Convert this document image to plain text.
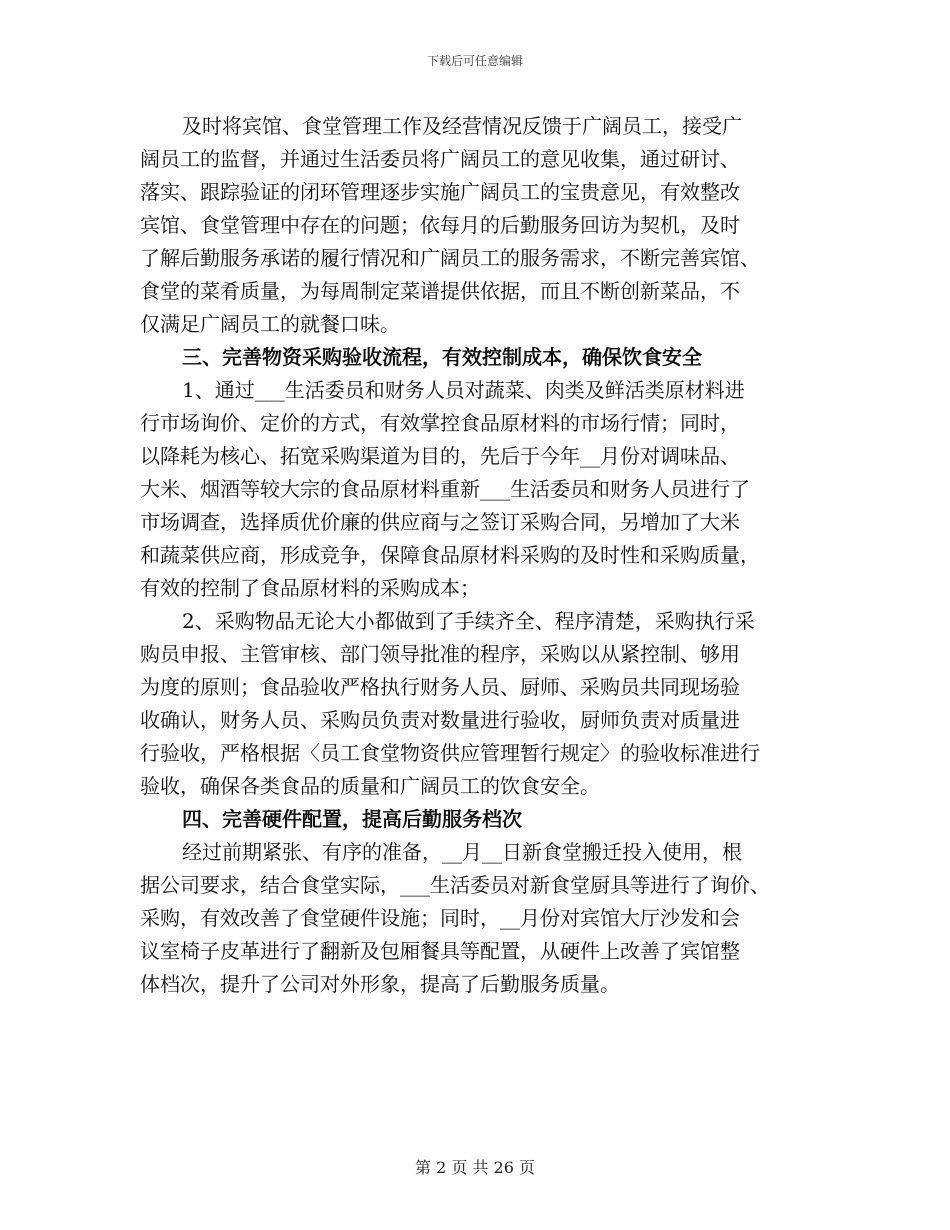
下载后可任意编辑
及时将宾馆、食堂管理工作及经营情况反馈于广阔员工，接受广
阔员工的监督，并通过生活委员将广阔员工的意见收集，通过研讨、
落实、跟踪验证的闭环管理逐步实施广阔员工的宝贵意见，有效整改
宾馆、食堂管理中存在的问题；依每月的后勤服务回访为契机，及时
了解后勤服务承诺的履行情况和广阔员工的服务需求，不断完善宾馆、
食堂的菜肴质量，为每周制定菜谱提供依据，而且不断创新菜品，不
仅满足广阔员工的就餐口味。
三、完善物资采购验收流程，有效控制成本，确保饮食安全
1、通过___生活委员和财务人员对蔬菜、肉类及鲜活类原材料进
行市场询价、定价的方式，有效掌控食品原材料的市场行情；同时，
以降耗为核心、拓宽采购渠道为目的，先后于今年__月份对调味品、
大米、烟酒等较大宗的食品原材料重新___生活委员和财务人员进行了
市场调查，选择质优价廉的供应商与之签订采购合同，另增加了大米
和蔬菜供应商，形成竞争，保障食品原材料采购的及时性和采购质量，
有效的控制了食品原材料的采购成本；
2、采购物品无论大小都做到了手续齐全、程序清楚，采购执行采
购员申报、主管审核、部门领导批准的程序，采购以从紧控制、够用
为度的原则；食品验收严格执行财务人员、厨师、采购员共同现场验
收确认，财务人员、采购员负责对数量进行验收，厨师负责对质量进
行验收，严格根据〈员工食堂物资供应管理暂行规定〉的验收标准进行
验收，确保各类食品的质量和广阔员工的饮食安全。
四、完善硬件配置，提高后勤服务档次
经过前期紧张、有序的准备，__月__日新食堂搬迁投入使用，根
据公司要求，结合食堂实际，___生活委员对新食堂厨具等进行了询价、
采购，有效改善了食堂硬件设施；同时，__月份对宾馆大厅沙发和会
议室椅子皮革进行了翻新及包厢餐具等配置，从硬件上改善了宾馆整
体档次，提升了公司对外形象，提高了后勤服务质量。
第 2 页 共 26 页
